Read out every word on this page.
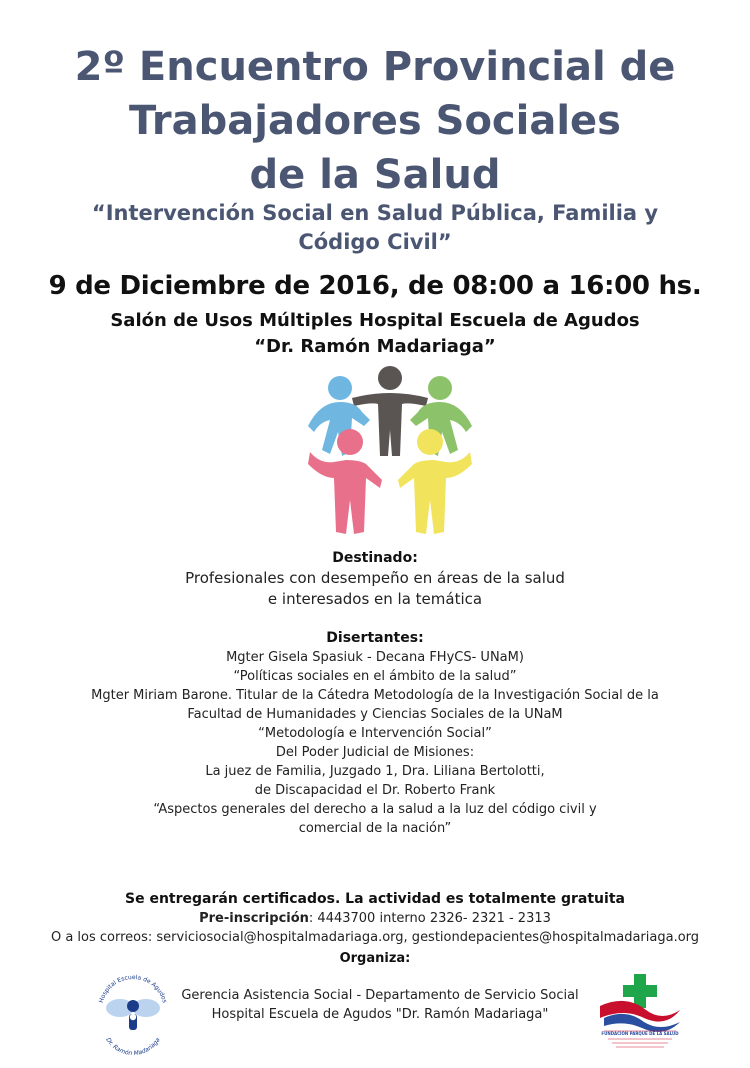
2º Encuentro Provincial de
Trabajadores Sociales
de la Salud
“Intervención Social en Salud Pública, Familia y
Código Civil”
9 de Diciembre de 2016, de 08:00 a 16:00 hs.
Salón de Usos Múltiples Hospital Escuela de Agudos
“Dr. Ramón Madariaga”
Destinado:
Profesionales con desempeño en áreas de la salud
e interesados en la temática
Disertantes:
Mgter Gisela Spasiuk - Decana FHyCS- UNaM)
“Políticas sociales en el ámbito de la salud”
Mgter Miriam Barone. Titular de la Cátedra Metodología de la Investigación Social de la
Facultad de Humanidades y Ciencias Sociales de la UNaM
“Metodología e Intervención Social”
Del Poder Judicial de Misiones:
La juez de Familia, Juzgado 1, Dra. Liliana Bertolotti,
de Discapacidad el Dr. Roberto Frank
“Aspectos generales del derecho a la salud a la luz del código civil y
comercial de la nación”
Se entregarán certificados. La actividad es totalmente gratuita
Pre-inscripción: 4443700 interno 2326- 2321 - 2313
O a los correos: serviciosocial@hospitalmadariaga.org, gestiondepacientes@hospitalmadariaga.org
Organiza:
Hospital Escuela de Agudos
Dr. Ramón Madariaga
Gerencia Asistencia Social - Departamento de Servicio Social
Hospital Escuela de Agudos "Dr. Ramón Madariaga"
FUNDACIÓN PARQUE DE LA SALUD
